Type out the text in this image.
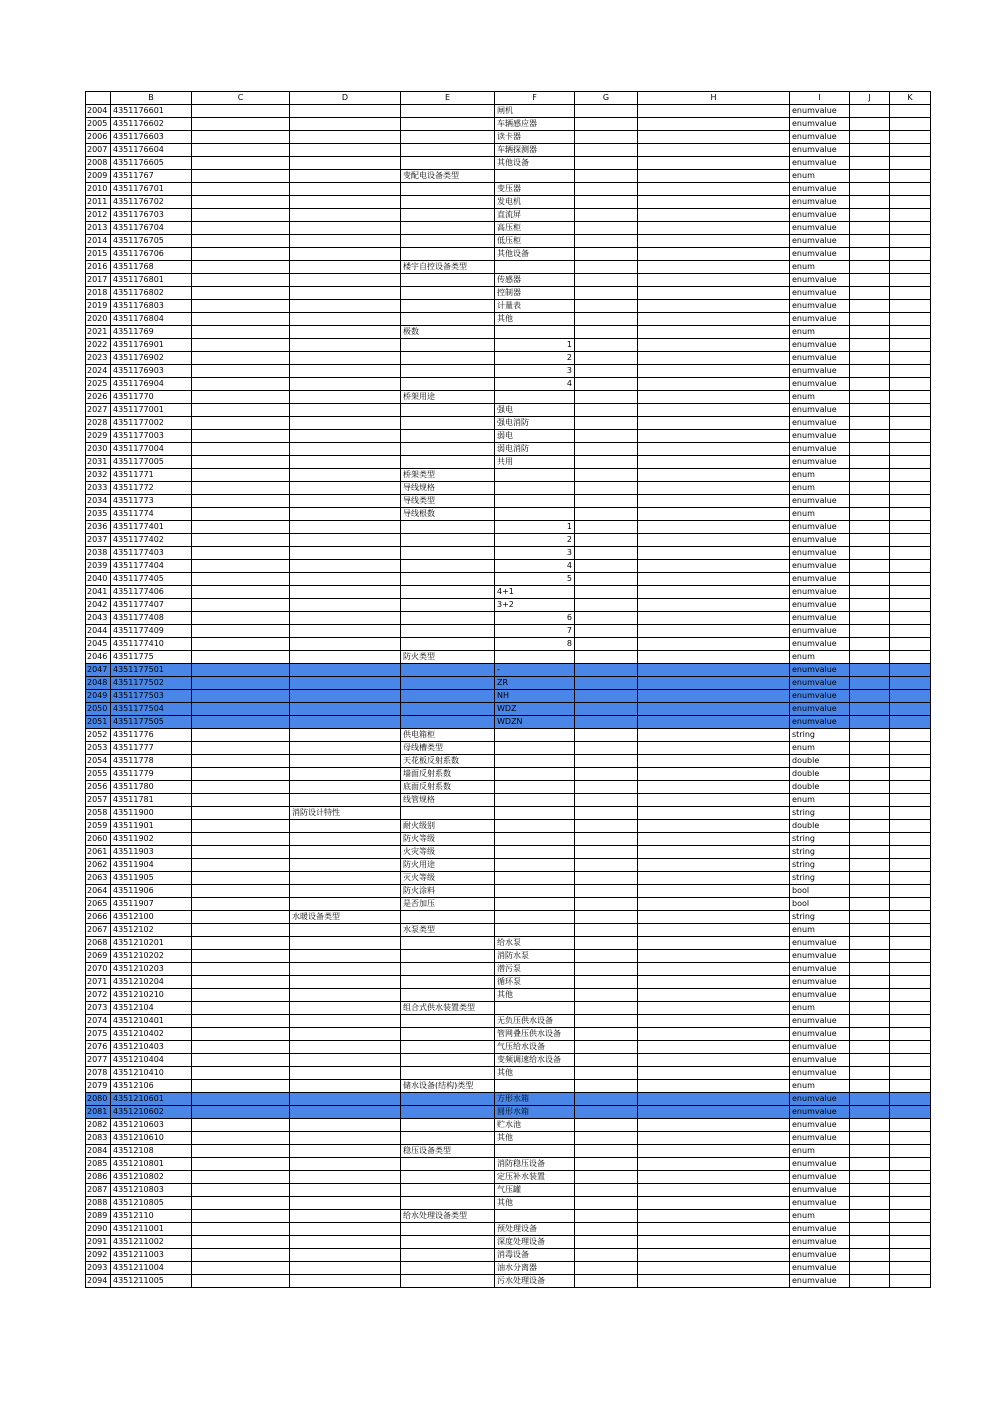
	B	C	D	E	F	G	H	I	J	K
2004	4351176601				闸机			enumvalue		
2005	4351176602				车辆感应器			enumvalue		
2006	4351176603				读卡器			enumvalue		
2007	4351176604				车辆探测器			enumvalue		
2008	4351176605				其他设备			enumvalue		
2009	43511767			变配电设备类型				enum		
2010	4351176701				变压器			enumvalue		
2011	4351176702				发电机			enumvalue		
2012	4351176703				直流屏			enumvalue		
2013	4351176704				高压柜			enumvalue		
2014	4351176705				低压柜			enumvalue		
2015	4351176706				其他设备			enumvalue		
2016	43511768			楼宇自控设备类型				enum		
2017	4351176801				传感器			enumvalue		
2018	4351176802				控制器			enumvalue		
2019	4351176803				计量表			enumvalue		
2020	4351176804				其他			enumvalue		
2021	43511769			极数				enum		
2022	4351176901				1			enumvalue		
2023	4351176902				2			enumvalue		
2024	4351176903				3			enumvalue		
2025	4351176904				4			enumvalue		
2026	43511770			桥架用途				enum		
2027	4351177001				强电			enumvalue		
2028	4351177002				强电消防			enumvalue		
2029	4351177003				弱电			enumvalue		
2030	4351177004				弱电消防			enumvalue		
2031	4351177005				共用			enumvalue		
2032	43511771			桥架类型				enum		
2033	43511772			导线规格				enum		
2034	43511773			导线类型				enumvalue		
2035	43511774			导线根数				enum		
2036	4351177401				1			enumvalue		
2037	4351177402				2			enumvalue		
2038	4351177403				3			enumvalue		
2039	4351177404				4			enumvalue		
2040	4351177405				5			enumvalue		
2041	4351177406				4+1			enumvalue		
2042	4351177407				3+2			enumvalue		
2043	4351177408				6			enumvalue		
2044	4351177409				7			enumvalue		
2045	4351177410				8			enumvalue		
2046	43511775			防火类型				enum		
2047	4351177501				-			enumvalue		
2048	4351177502				ZR			enumvalue		
2049	4351177503				NH			enumvalue		
2050	4351177504				WDZ			enumvalue		
2051	4351177505				WDZN			enumvalue		
2052	43511776			供电箱柜				string		
2053	43511777			母线槽类型				enum		
2054	43511778			天花板反射系数				double		
2055	43511779			墙面反射系数				double		
2056	43511780			底面反射系数				double		
2057	43511781			线管规格				enum		
2058	43511900		消防设计特性					string		
2059	43511901			耐火级别				double		
2060	43511902			防火等级				string		
2061	43511903			火灾等级				string		
2062	43511904			防火用途				string		
2063	43511905			灭火等级				string		
2064	43511906			防火涂料				bool		
2065	43511907			是否加压				bool		
2066	43512100		水暖设备类型					string		
2067	43512102			水泵类型				enum		
2068	4351210201				给水泵			enumvalue		
2069	4351210202				消防水泵			enumvalue		
2070	4351210203				潜污泵			enumvalue		
2071	4351210204				循环泵			enumvalue		
2072	4351210210				其他			enumvalue		
2073	43512104			组合式供水装置类型				enum		
2074	4351210401				无负压供水设备			enumvalue		
2075	4351210402				管网叠压供水设备			enumvalue		
2076	4351210403				气压给水设备			enumvalue		
2077	4351210404				变频调速给水设备			enumvalue		
2078	4351210410				其他			enumvalue		
2079	43512106			储水设备(结构)类型				enum		
2080	4351210601				方形水箱			enumvalue		
2081	4351210602				圆形水箱			enumvalue		
2082	4351210603				贮水池			enumvalue		
2083	4351210610				其他			enumvalue		
2084	43512108			稳压设备类型				enum		
2085	4351210801				消防稳压设备			enumvalue		
2086	4351210802				定压补水装置			enumvalue		
2087	4351210803				气压罐			enumvalue		
2088	4351210805				其他			enumvalue		
2089	43512110			给水处理设备类型				enum		
2090	4351211001				预处理设备			enumvalue		
2091	4351211002				深度处理设备			enumvalue		
2092	4351211003				消毒设备			enumvalue		
2093	4351211004				油水分离器			enumvalue		
2094	4351211005				污水处理设备			enumvalue		
